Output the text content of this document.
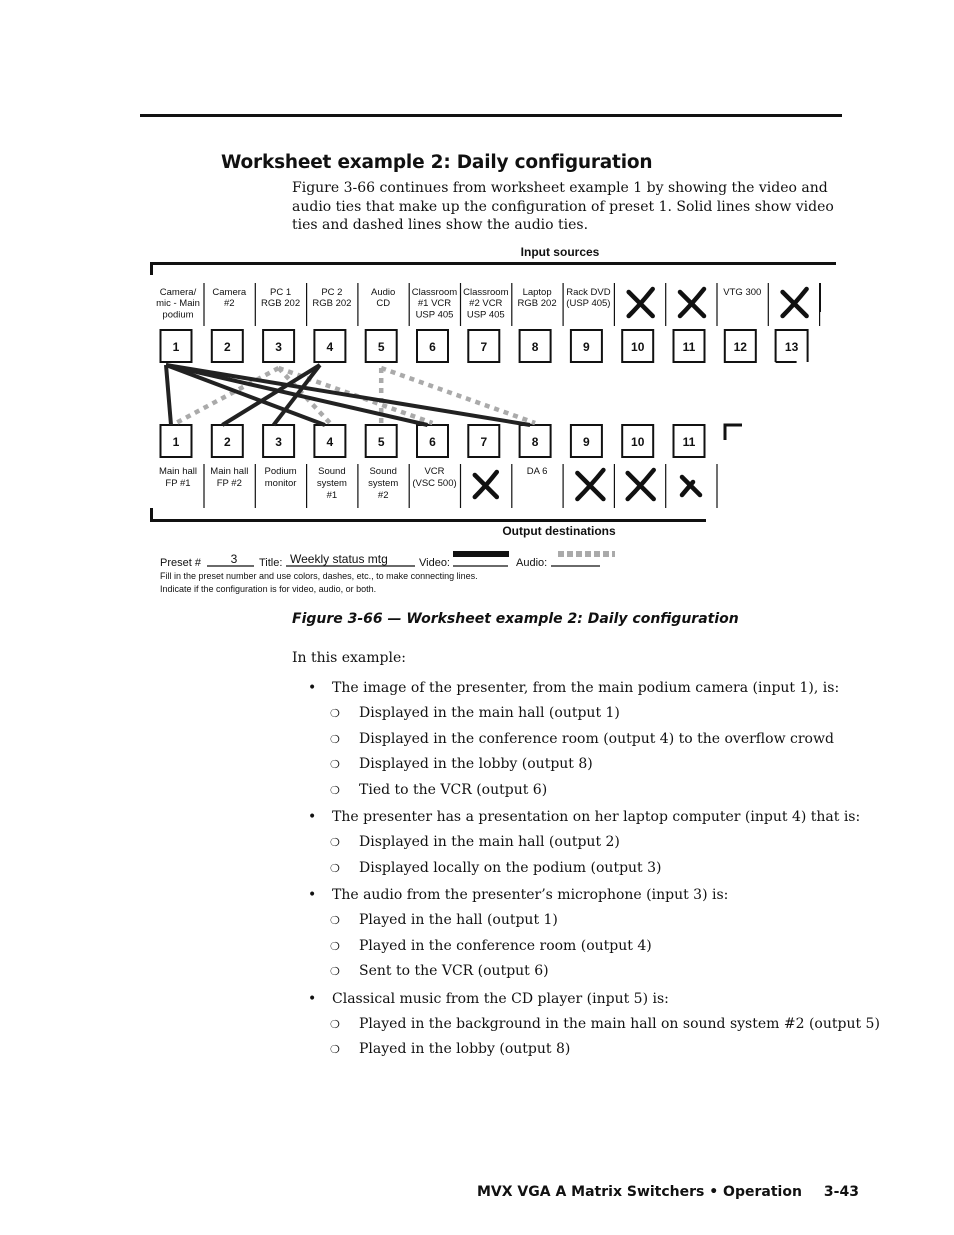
Worksheet example 2: Daily configuration
Figure 3-66 continues from worksheet example 1 by showing the video and audio ties that make up the configuration of preset 1. Solid lines show video ties and dashed lines show the audio ties.
Input sources
Output destinations
Camera/
mic - Main
podium
1
Camera
#2
2
PC 1
RGB 202
3
PC 2
RGB 202
4
Audio
CD
5
Classroom
#1 VCR
USP 405
6
Classroom
#2 VCR
USP 405
7
Laptop
RGB 202
8
Rack DVD
(USP 405)
9	10	11
VTG 300
12	13
1
Main hall
FP #1
2
Main hall
FP #2
3
Podium
monitor
4
Sound
system
#1
5
Sound
system
#2
6
VCR
(VSC 500)
7	8
DA 6
9	10	11
Preset # 3 Title: Weekly status mtg	Video:	Audio:
Fill in the preset number and use colors, dashes, etc., to make connecting lines.
Indicate if the configuration is for video, audio, or both.
Figure 3-66 — Worksheet example 2: Daily configuration
In this example:
• The image of the presenter, from the main podium camera (input 1), is:
❍ Displayed in the main hall (output 1)
❍ Displayed in the conference room (output 4) to the overflow crowd
❍ Displayed in the lobby (output 8)
❍ Tied to the VCR (output 6)
• The presenter has a presentation on her laptop computer (input 4) that is:
❍ Displayed in the main hall (output 2)
❍ Displayed locally on the podium (output 3)
• The audio from the presenter’s microphone (input 3) is:
❍ Played in the hall (output 1)
❍ Played in the conference room (output 4)
❍ Sent to the VCR (output 6)
• Classical music from the CD player (input 5) is:
❍ Played in the background in the main hall on sound system #2 (output 5)
❍ Played in the lobby (output 8)
MVX VGA A Matrix Switchers • Operation 3-43
